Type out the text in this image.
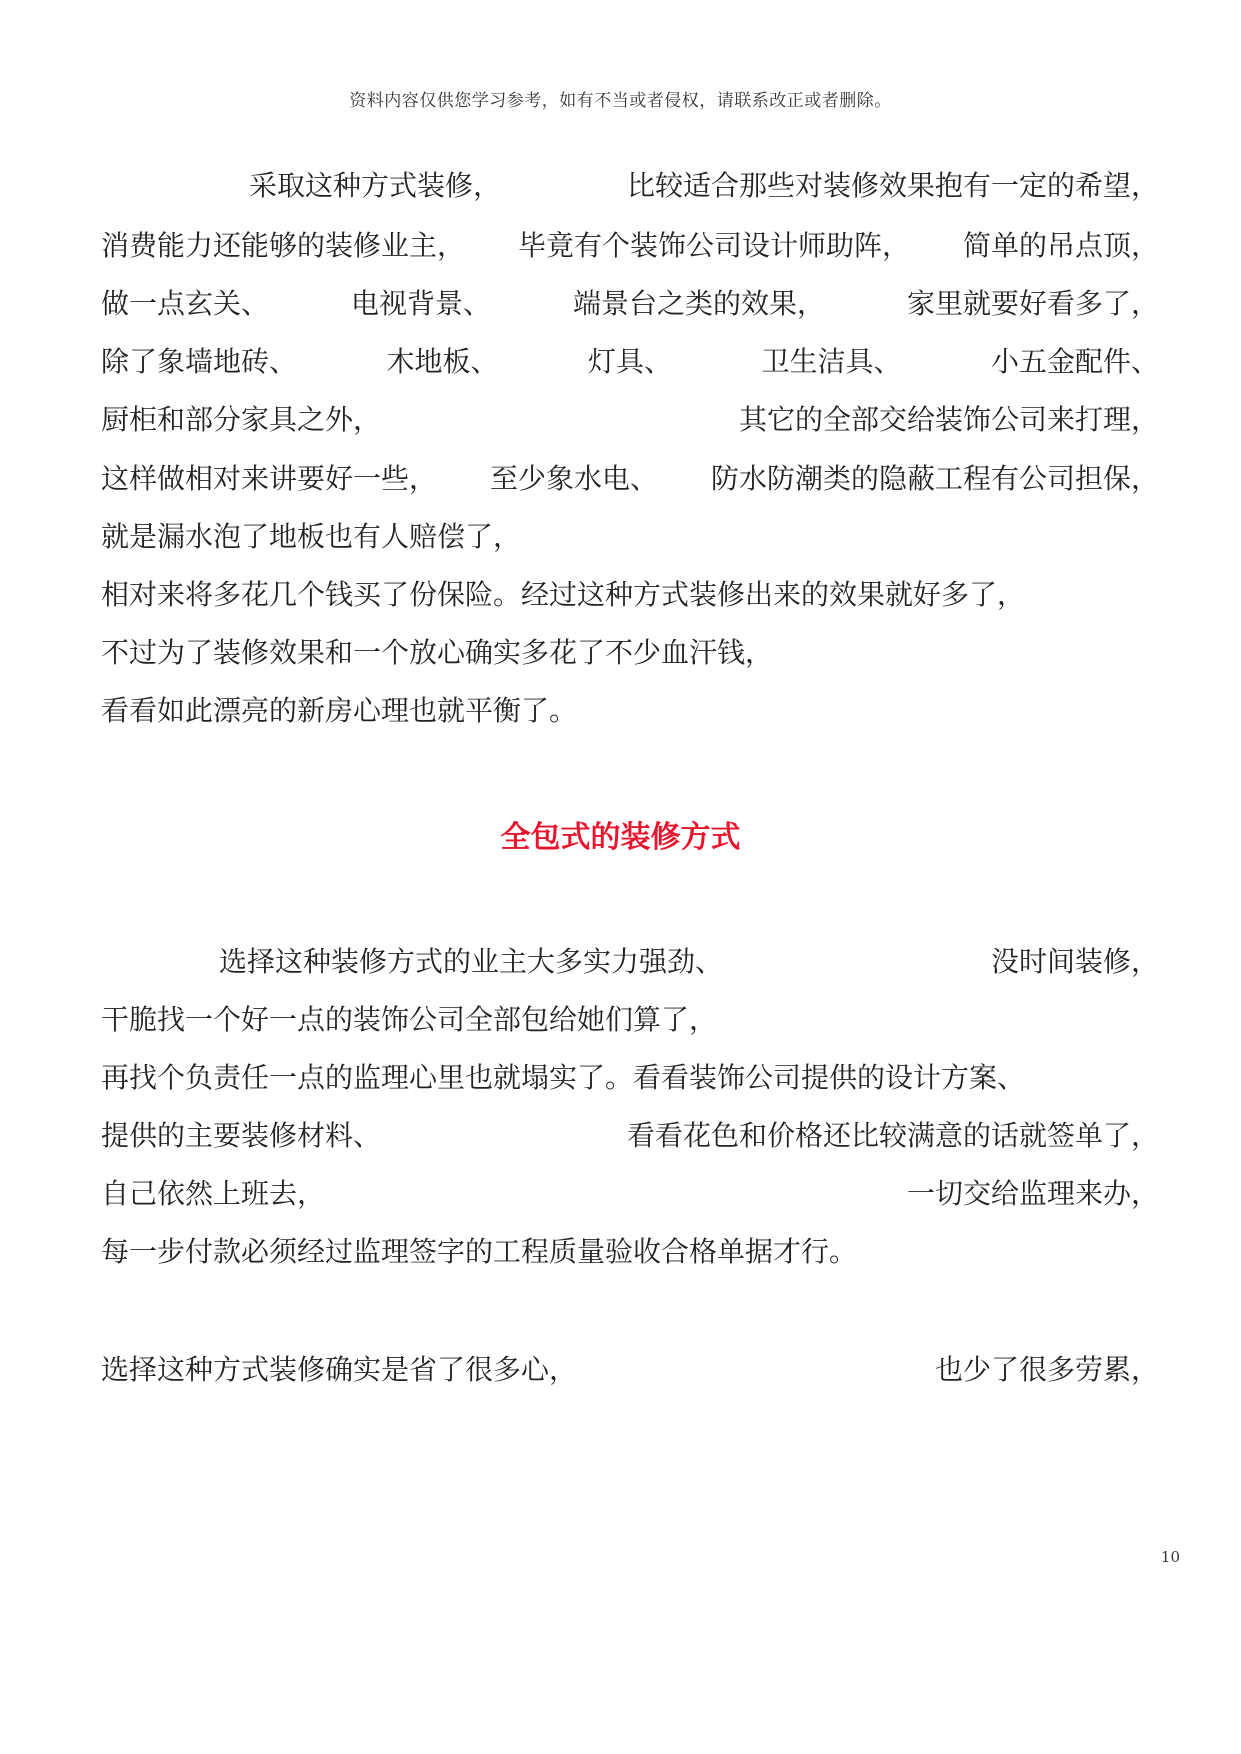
资料内容仅供您学习参考，如有不当或者侵权，请联系改正或者删除。
采取这种方式装修，	比较适合那些对装修效果抱有一定的希望，
消费能力还能够的装修业主， 毕竟有个装饰公司设计师助阵， 简单的吊点顶，
做一点玄关、	电视背景、	端景台之类的效果，	家里就要好看多了，
除了象墙地砖、	木地板、	灯具、	卫生洁具、	小五金配件、
厨柜和部分家具之外，	其它的全部交给装饰公司来打理，
这样做相对来讲要好一些， 至少象水电、 防水防潮类的隐蔽工程有公司担保，
就是漏水泡了地板也有人赔偿了，
相对来将多花几个钱买了份保险。经过这种方式装修出来的效果就好多了，
不过为了装修效果和一个放心确实多花了不少血汗钱，
看看如此漂亮的新房心理也就平衡了。
全包式的装修方式
选择这种装修方式的业主大多实力强劲、	没时间装修，
干脆找一个好一点的装饰公司全部包给她们算了，
再找个负责任一点的监理心里也就塌实了。看看装饰公司提供的设计方案、
提供的主要装修材料、	看看花色和价格还比较满意的话就签单了，
自己依然上班去，	一切交给监理来办，
每一步付款必须经过监理签字的工程质量验收合格单据才行。
选择这种方式装修确实是省了很多心，	也少了很多劳累，
10
